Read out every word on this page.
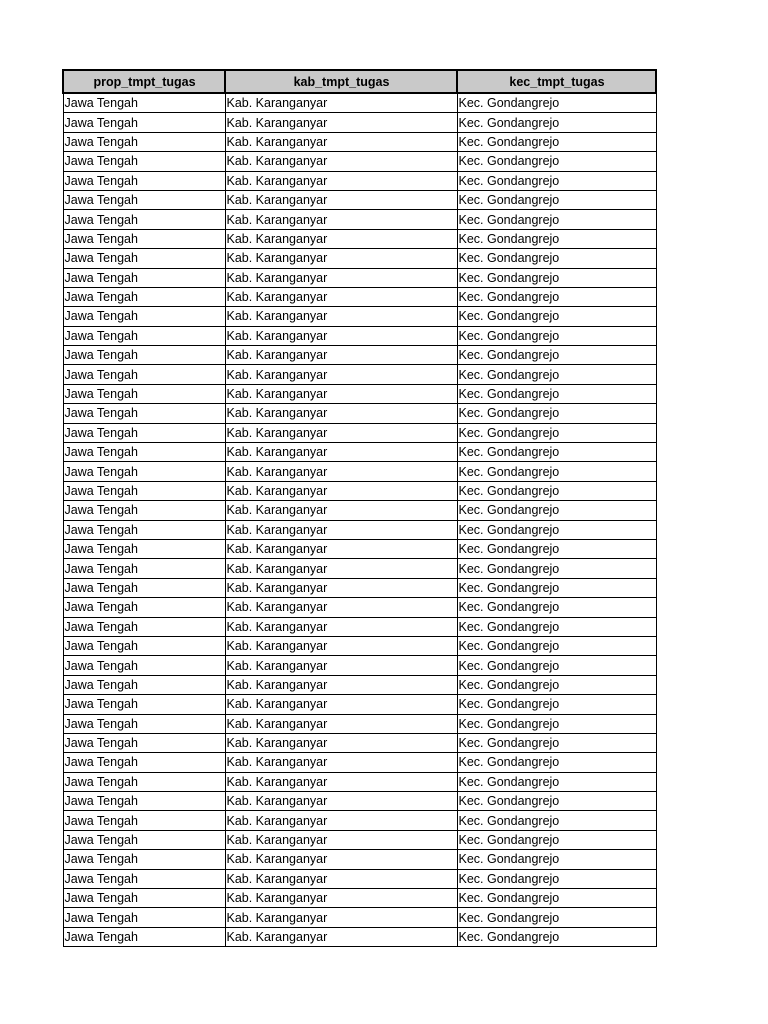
prop_tmpt_tugas	kab_tmpt_tugas	kec_tmpt_tugas
Jawa Tengah	Kab. Karanganyar	Kec. Gondangrejo
Jawa Tengah	Kab. Karanganyar	Kec. Gondangrejo
Jawa Tengah	Kab. Karanganyar	Kec. Gondangrejo
Jawa Tengah	Kab. Karanganyar	Kec. Gondangrejo
Jawa Tengah	Kab. Karanganyar	Kec. Gondangrejo
Jawa Tengah	Kab. Karanganyar	Kec. Gondangrejo
Jawa Tengah	Kab. Karanganyar	Kec. Gondangrejo
Jawa Tengah	Kab. Karanganyar	Kec. Gondangrejo
Jawa Tengah	Kab. Karanganyar	Kec. Gondangrejo
Jawa Tengah	Kab. Karanganyar	Kec. Gondangrejo
Jawa Tengah	Kab. Karanganyar	Kec. Gondangrejo
Jawa Tengah	Kab. Karanganyar	Kec. Gondangrejo
Jawa Tengah	Kab. Karanganyar	Kec. Gondangrejo
Jawa Tengah	Kab. Karanganyar	Kec. Gondangrejo
Jawa Tengah	Kab. Karanganyar	Kec. Gondangrejo
Jawa Tengah	Kab. Karanganyar	Kec. Gondangrejo
Jawa Tengah	Kab. Karanganyar	Kec. Gondangrejo
Jawa Tengah	Kab. Karanganyar	Kec. Gondangrejo
Jawa Tengah	Kab. Karanganyar	Kec. Gondangrejo
Jawa Tengah	Kab. Karanganyar	Kec. Gondangrejo
Jawa Tengah	Kab. Karanganyar	Kec. Gondangrejo
Jawa Tengah	Kab. Karanganyar	Kec. Gondangrejo
Jawa Tengah	Kab. Karanganyar	Kec. Gondangrejo
Jawa Tengah	Kab. Karanganyar	Kec. Gondangrejo
Jawa Tengah	Kab. Karanganyar	Kec. Gondangrejo
Jawa Tengah	Kab. Karanganyar	Kec. Gondangrejo
Jawa Tengah	Kab. Karanganyar	Kec. Gondangrejo
Jawa Tengah	Kab. Karanganyar	Kec. Gondangrejo
Jawa Tengah	Kab. Karanganyar	Kec. Gondangrejo
Jawa Tengah	Kab. Karanganyar	Kec. Gondangrejo
Jawa Tengah	Kab. Karanganyar	Kec. Gondangrejo
Jawa Tengah	Kab. Karanganyar	Kec. Gondangrejo
Jawa Tengah	Kab. Karanganyar	Kec. Gondangrejo
Jawa Tengah	Kab. Karanganyar	Kec. Gondangrejo
Jawa Tengah	Kab. Karanganyar	Kec. Gondangrejo
Jawa Tengah	Kab. Karanganyar	Kec. Gondangrejo
Jawa Tengah	Kab. Karanganyar	Kec. Gondangrejo
Jawa Tengah	Kab. Karanganyar	Kec. Gondangrejo
Jawa Tengah	Kab. Karanganyar	Kec. Gondangrejo
Jawa Tengah	Kab. Karanganyar	Kec. Gondangrejo
Jawa Tengah	Kab. Karanganyar	Kec. Gondangrejo
Jawa Tengah	Kab. Karanganyar	Kec. Gondangrejo
Jawa Tengah	Kab. Karanganyar	Kec. Gondangrejo
Jawa Tengah	Kab. Karanganyar	Kec. Gondangrejo
